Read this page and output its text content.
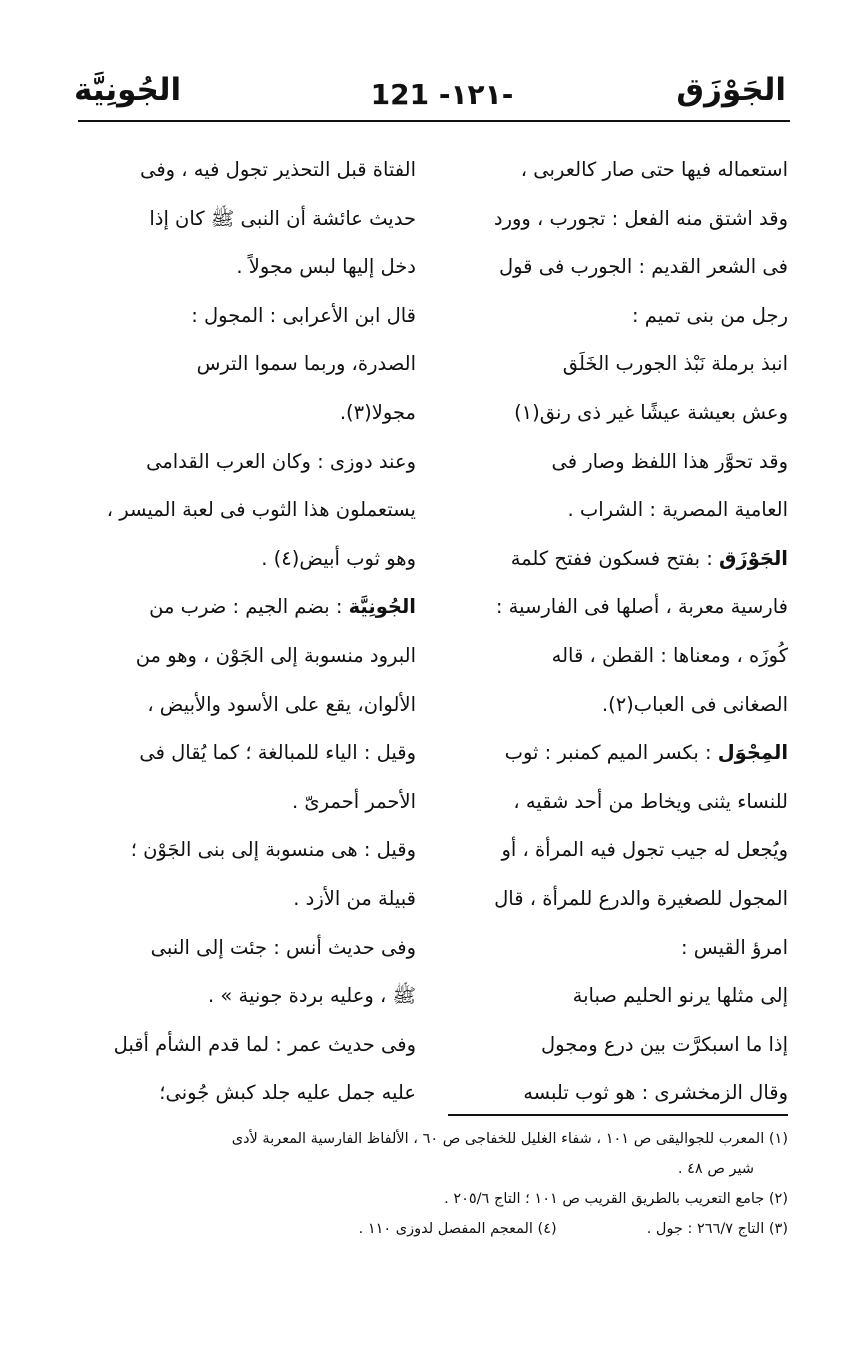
الجَوْزَق
121 -١٢١-
الجُونِيَّة
استعماله فيها حتى صار كالعربى ،
وقد اشتق منه الفعل : تجورب ، وورد
فى الشعر القديم : الجورب فى قول
رجل من بنى تميم :
انبذ برملة نَبْذ الجورب الخَلَق
وعش بعيشة عيشًا غير ذى رنق(١)
وقد تحوَّر هذا اللفظ وصار فى
العامية المصرية : الشراب .
الجَوْزَق : بفتح فسكون ففتح كلمة
فارسية معربة ، أصلها فى الفارسية :
كُوزَه ، ومعناها : القطن ، قاله
الصغانى فى العباب(٢).
المِجْوَل : بكسر الميم كمنبر : ثوب
للنساء يثنى ويخاط من أحد شقيه ،
ويُجعل له جيب تجول فيه المرأة ، أو
المجول للصغيرة والدرع للمرأة ، قال
امرؤ القيس :
إلى مثلها يرنو الحليم صبابة
إذا ما اسبكرَّت بين درع ومجول
وقال الزمخشرى : هو ثوب تلبسه
الفتاة قبل التحذير تجول فيه ، وفى
حديث عائشة أن النبى ﷺ كان إذا
دخل إليها لبس مجولاً .
قال ابن الأعرابى : المجول :
الصدرة، وربما سموا الترس
مجولا(٣).
وعند دوزى : وكان العرب القدامى
يستعملون هذا الثوب فى لعبة الميسر ،
وهو ثوب أبيض(٤) .
الجُونِيَّة : بضم الجيم : ضرب من
البرود منسوبة إلى الجَوْن ، وهو من
الألوان، يقع على الأسود والأبيض ،
وقيل : الياء للمبالغة ؛ كما يُقال فى
الأحمر أحمرىّ .
وقيل : هى منسوبة إلى بنى الجَوْن ؛
قبيلة من الأزد .
وفى حديث أنس : جئت إلى النبى
ﷺ ، وعليه بردة جونية » .
وفى حديث عمر : لما قدم الشأم أقبل
عليه جمل عليه جلد كبش جُونى؛
(١) المعرب للجواليقى ص ١٠١ ، شفاء الغليل للخفاجى ص ٦٠ ، الألفاظ الفارسية المعربة لأدى
شير ص ٤٨ .
(٢) جامع التعريب بالطريق القريب ص ١٠١ ؛ التاج ٢٠٥/٦ .
(٣) التاج ٢٦٦/٧ : جول .
(٤) المعجم المفصل لدوزى ١١٠ .
